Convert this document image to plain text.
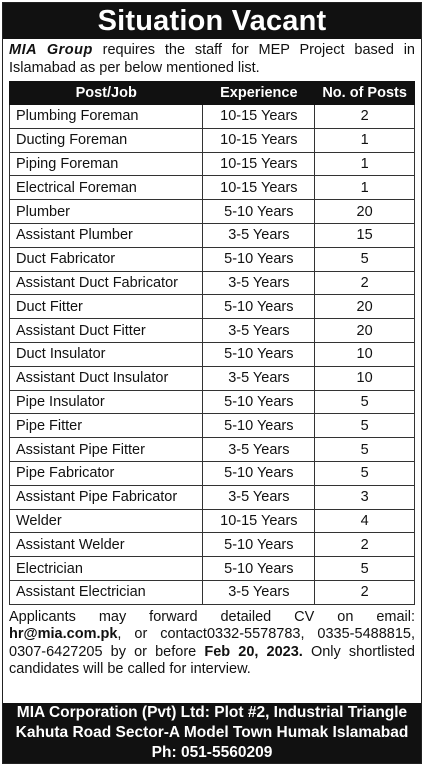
Situation Vacant
MIA Group requires the staff for MEP Project based in Islamabad as per below mentioned list.
Post/Job	Experience	No. of Posts
Plumbing Foreman	10-15 Years	2
Ducting Foreman	10-15 Years	1
Piping Foreman	10-15 Years	1
Electrical Foreman	10-15 Years	1
Plumber	5-10 Years	20
Assistant Plumber	3-5 Years	15
Duct Fabricator	5-10 Years	5
Assistant Duct Fabricator	3-5 Years	2
Duct Fitter	5-10 Years	20
Assistant Duct Fitter	3-5 Years	20
Duct Insulator	5-10 Years	10
Assistant Duct Insulator	3-5 Years	10
Pipe Insulator	5-10 Years	5
Pipe Fitter	5-10 Years	5
Assistant Pipe Fitter	3-5 Years	5
Pipe Fabricator	5-10 Years	5
Assistant Pipe Fabricator	3-5 Years	3
Welder	10-15 Years	4
Assistant Welder	5-10 Years	2
Electrician	5-10 Years	5
Assistant Electrician	3-5 Years	2
Applicants may forward detailed CV on email: hr@mia.com.pk, or contact0332-5578783, 0335-5488815, 0307-6427205 by or before Feb 20, 2023. Only shortlisted candidates will be called for interview.
MIA Corporation (Pvt) Ltd: Plot #2, Industrial Triangle
Kahuta Road Sector-A Model Town Humak Islamabad
Ph: 051-5560209
